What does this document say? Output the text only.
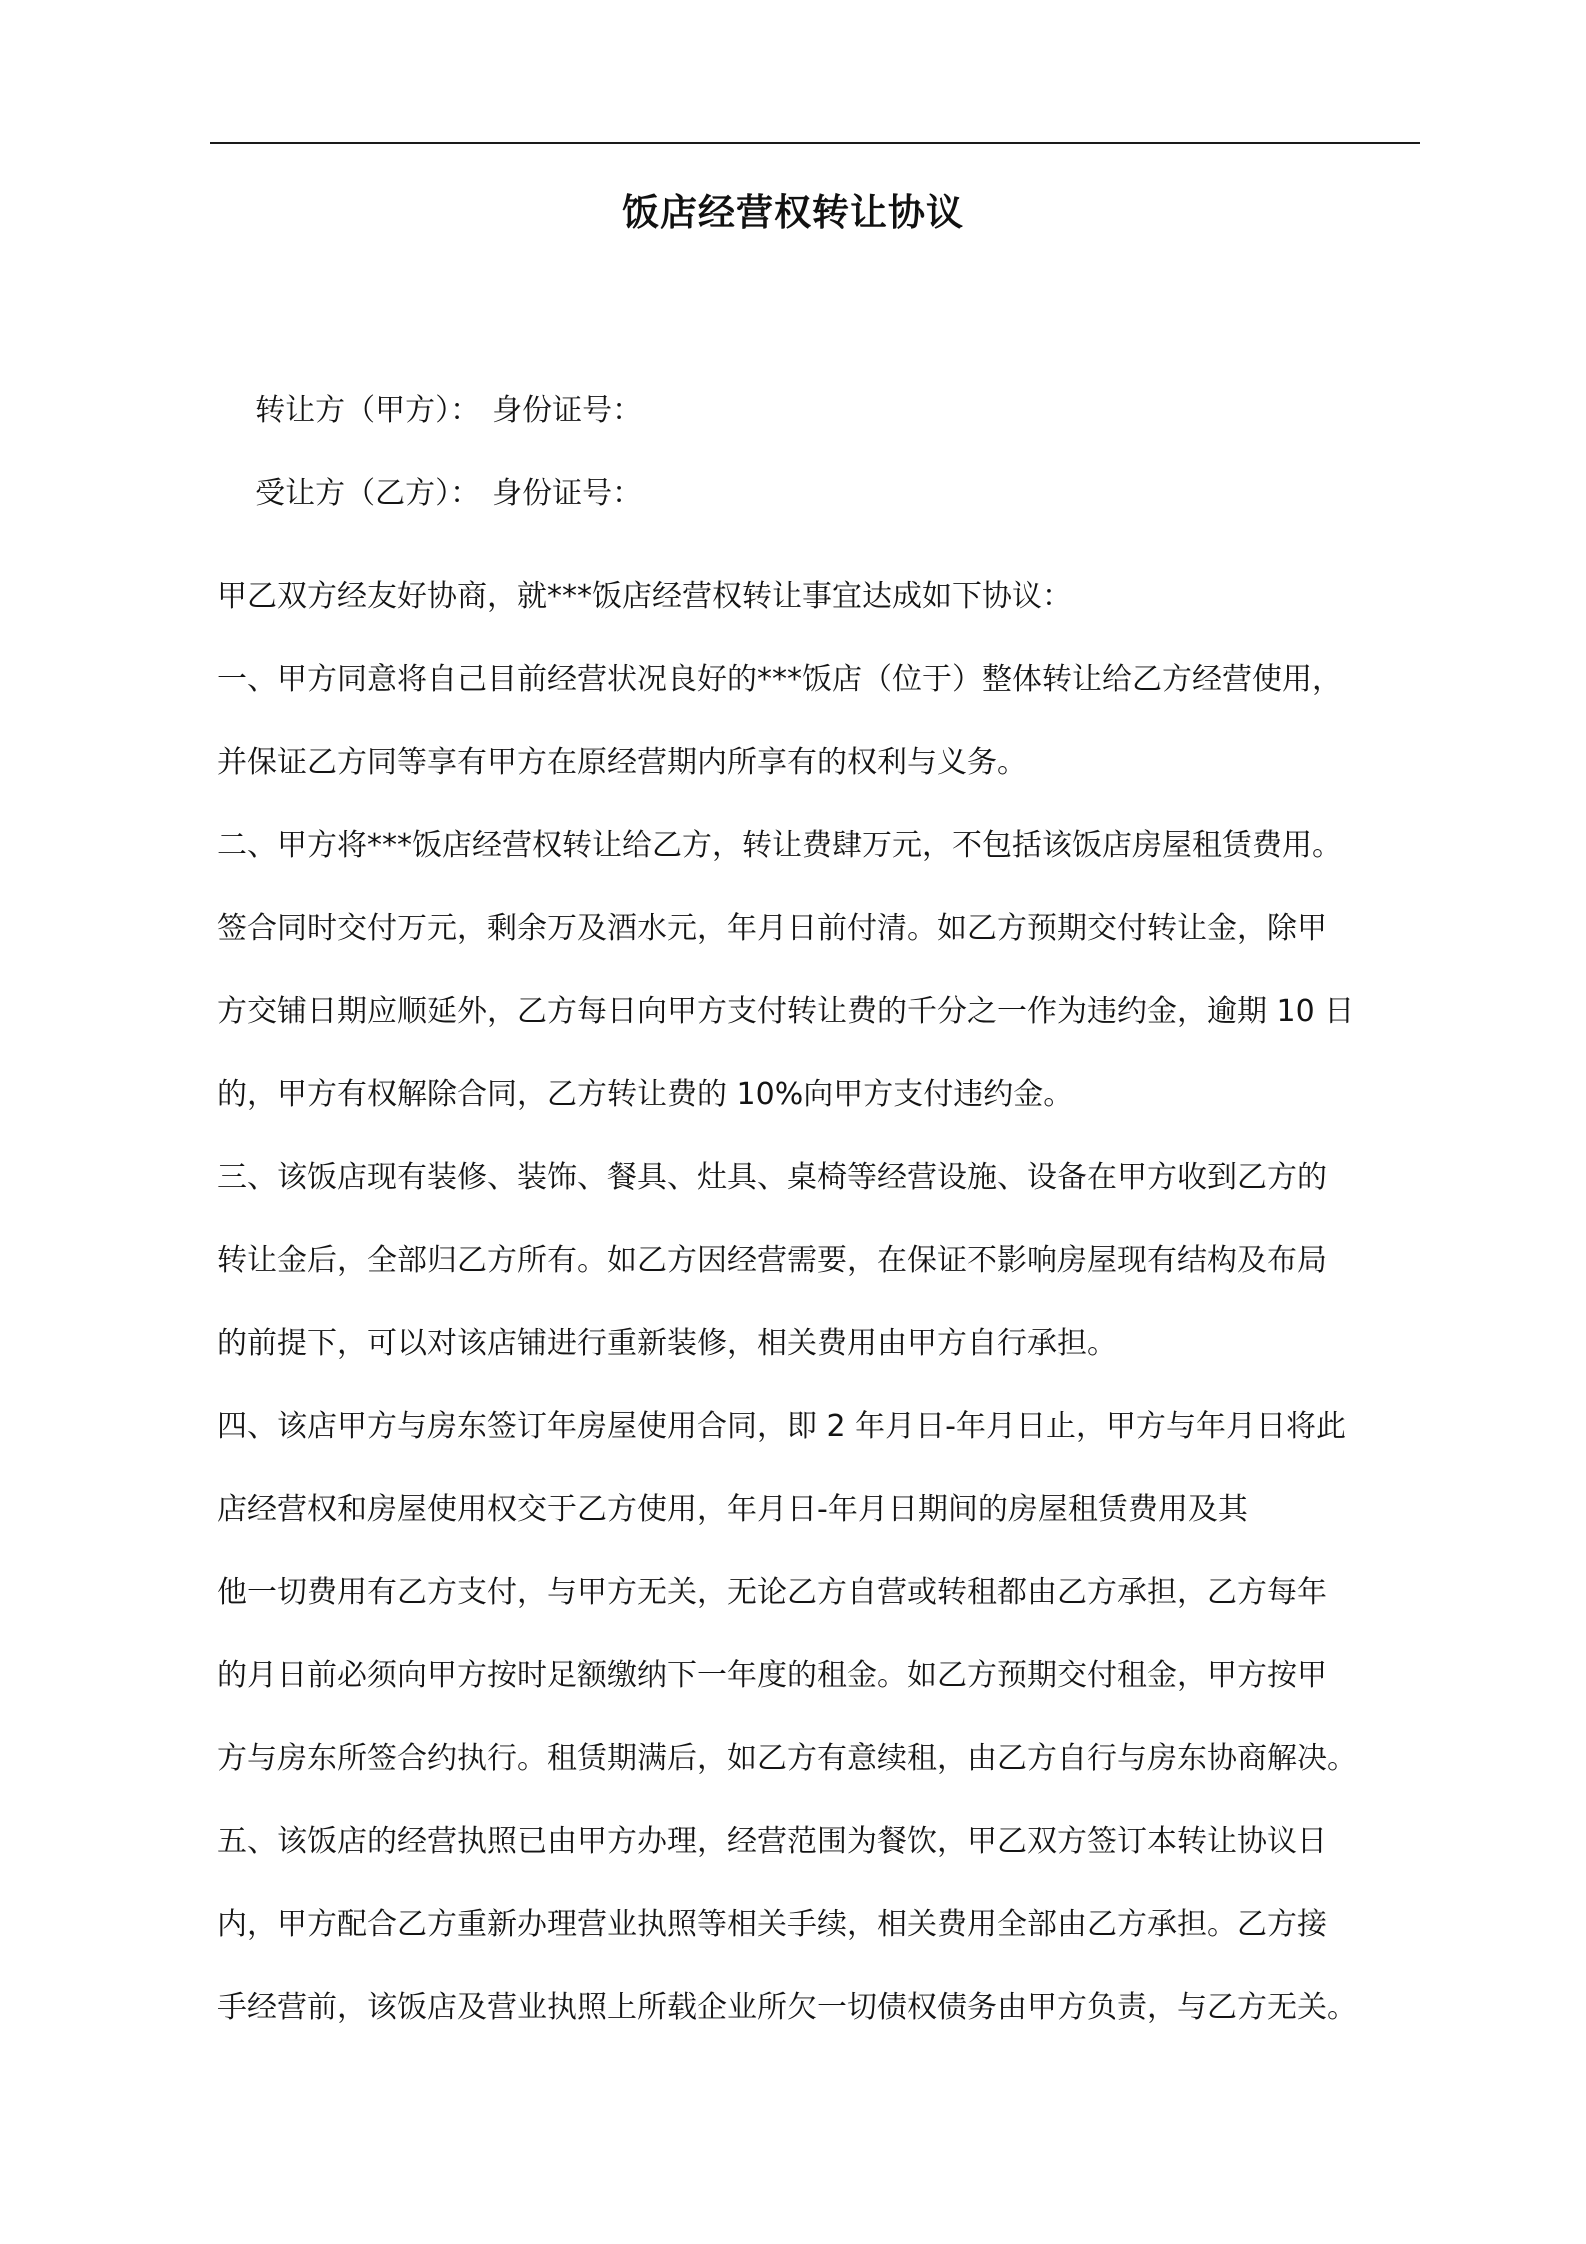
饭店经营权转让协议

转让方（甲方）： 身份证号：

受让方（乙方）： 身份证号：

甲乙双方经友好协商，就***饭店经营权转让事宜达成如下协议：
一、甲方同意将自己目前经营状况良好的***饭店（位于）整体转让给乙方经营使用，
并保证乙方同等享有甲方在原经营期内所享有的权利与义务。
二、甲方将***饭店经营权转让给乙方，转让费肆万元，不包括该饭店房屋租赁费用。
签合同时交付万元，剩余万及酒水元，年月日前付清。如乙方预期交付转让金，除甲
方交铺日期应顺延外，乙方每日向甲方支付转让费的千分之一作为违约金，逾期 10 日
的，甲方有权解除合同，乙方转让费的 10%向甲方支付违约金。
三、该饭店现有装修、装饰、餐具、灶具、桌椅等经营设施、设备在甲方收到乙方的
转让金后，全部归乙方所有。如乙方因经营需要，在保证不影响房屋现有结构及布局
的前提下，可以对该店铺进行重新装修，相关费用由甲方自行承担。
四、该店甲方与房东签订年房屋使用合同，即 2 年月日-年月日止，甲方与年月日将此
店经营权和房屋使用权交于乙方使用，年月日-年月日期间的房屋租赁费用及其
他一切费用有乙方支付，与甲方无关，无论乙方自营或转租都由乙方承担，乙方每年
的月日前必须向甲方按时足额缴纳下一年度的租金。如乙方预期交付租金，甲方按甲
方与房东所签合约执行。租赁期满后，如乙方有意续租，由乙方自行与房东协商解决。
五、该饭店的经营执照已由甲方办理，经营范围为餐饮，甲乙双方签订本转让协议日
内，甲方配合乙方重新办理营业执照等相关手续，相关费用全部由乙方承担。乙方接
手经营前，该饭店及营业执照上所载企业所欠一切债权债务由甲方负责，与乙方无关。
